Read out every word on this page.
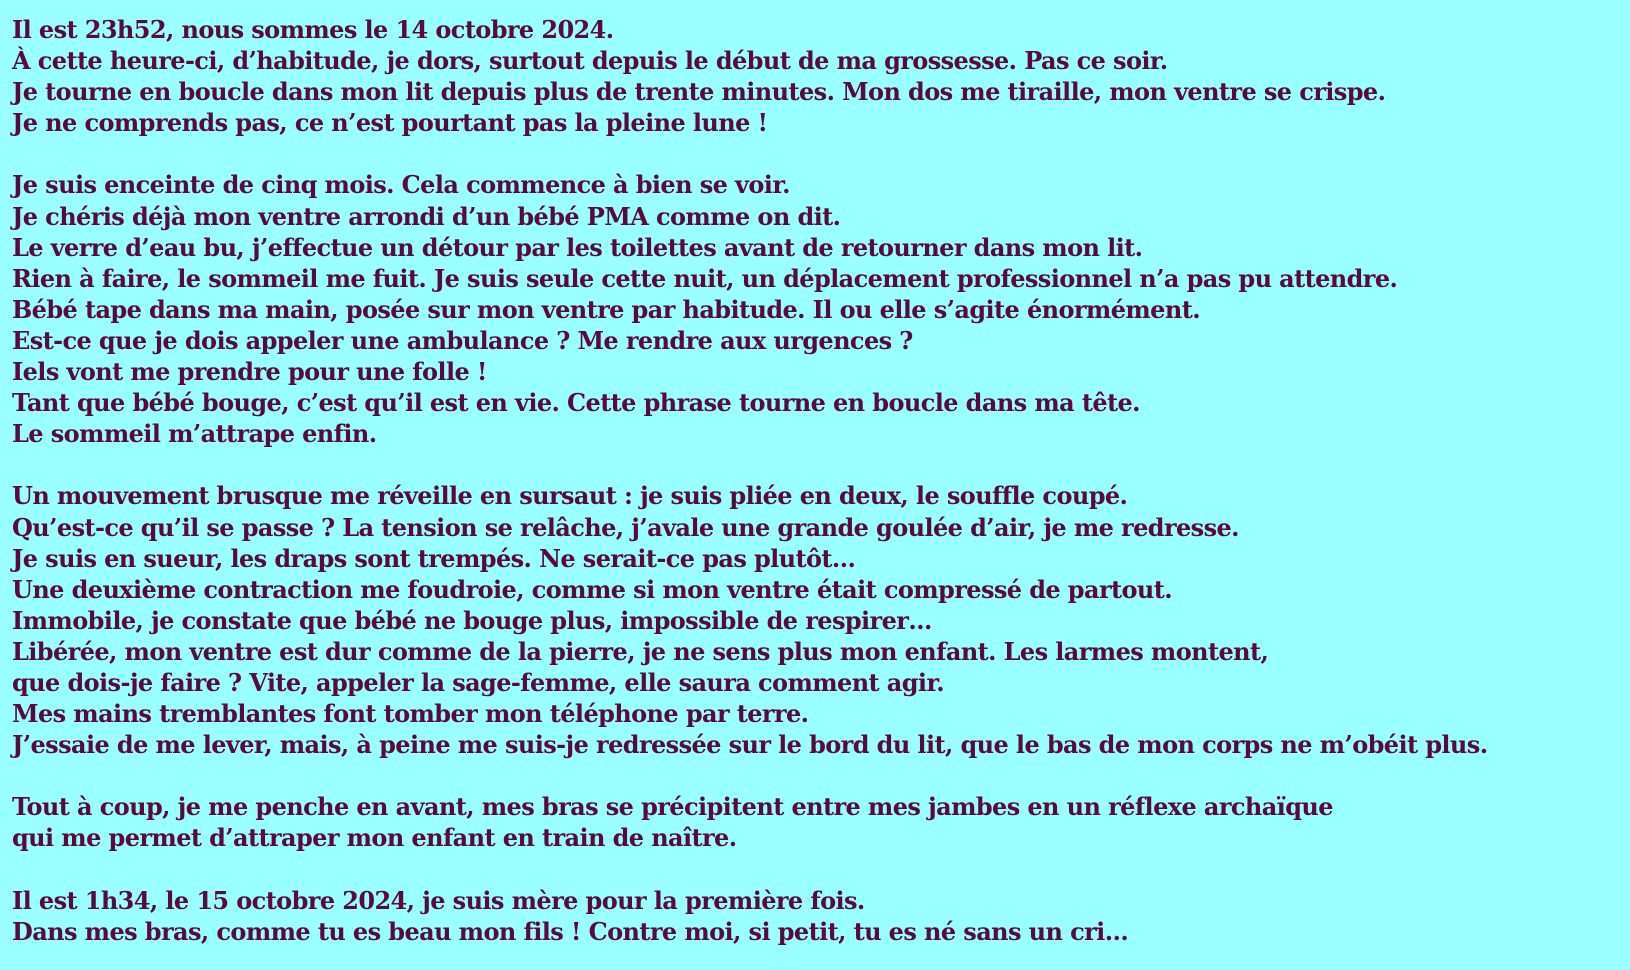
Il est 23h52, nous sommes le 14 octobre 2024.
À cette heure-ci, d’habitude, je dors, surtout depuis le début de ma grossesse. Pas ce soir.
Je tourne en boucle dans mon lit depuis plus de trente minutes. Mon dos me tiraille, mon ventre se crispe.
Je ne comprends pas, ce n’est pourtant pas la pleine lune !
Je suis enceinte de cinq mois. Cela commence à bien se voir.
Je chéris déjà mon ventre arrondi d’un bébé PMA comme on dit.
Le verre d’eau bu, j’effectue un détour par les toilettes avant de retourner dans mon lit.
Rien à faire, le sommeil me fuit. Je suis seule cette nuit, un déplacement professionnel n’a pas pu attendre.
Bébé tape dans ma main, posée sur mon ventre par habitude. Il ou elle s’agite énormément.
Est-ce que je dois appeler une ambulance ? Me rendre aux urgences ?
Iels vont me prendre pour une folle !
Tant que bébé bouge, c’est qu’il est en vie. Cette phrase tourne en boucle dans ma tête.
Le sommeil m’attrape enfin.
Un mouvement brusque me réveille en sursaut : je suis pliée en deux, le souffle coupé.
Qu’est-ce qu’il se passe ? La tension se relâche, j’avale une grande goulée d’air, je me redresse.
Je suis en sueur, les draps sont trempés. Ne serait-ce pas plutôt…
Une deuxième contraction me foudroie, comme si mon ventre était compressé de partout.
Immobile, je constate que bébé ne bouge plus, impossible de respirer…
Libérée, mon ventre est dur comme de la pierre, je ne sens plus mon enfant. Les larmes montent,
que dois-je faire ? Vite, appeler la sage-femme, elle saura comment agir.
Mes mains tremblantes font tomber mon téléphone par terre.
J’essaie de me lever, mais, à peine me suis-je redressée sur le bord du lit, que le bas de mon corps ne m’obéit plus.
Tout à coup, je me penche en avant, mes bras se précipitent entre mes jambes en un réflexe archaïque
qui me permet d’attraper mon enfant en train de naître.
Il est 1h34, le 15 octobre 2024, je suis mère pour la première fois.
Dans mes bras, comme tu es beau mon fils ! Contre moi, si petit, tu es né sans un cri…
